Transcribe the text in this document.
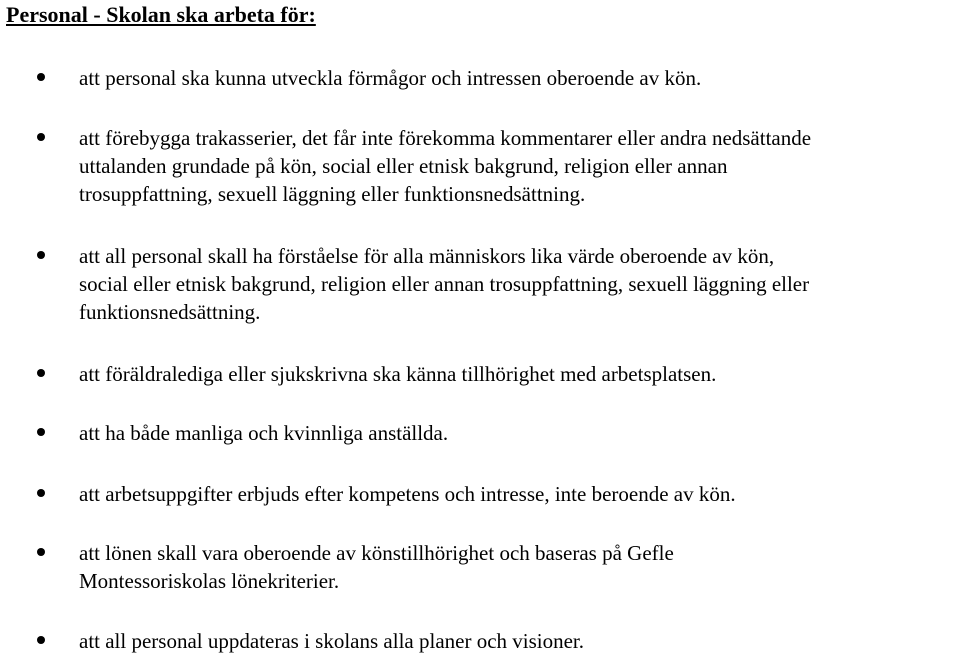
Personal - Skolan ska arbeta för:
att personal ska kunna utveckla förmågor och intressen oberoende av kön.
att förebygga trakasserier, det får inte förekomma kommentarer eller andra nedsättande
uttalanden grundade på kön, social eller etnisk bakgrund, religion eller annan
trosuppfattning, sexuell läggning eller funktionsnedsättning.
att all personal skall ha förståelse för alla människors lika värde oberoende av kön,
social eller etnisk bakgrund, religion eller annan trosuppfattning, sexuell läggning eller
funktionsnedsättning.
att föräldralediga eller sjukskrivna ska känna tillhörighet med arbetsplatsen.
att ha både manliga och kvinnliga anställda.
att arbetsuppgifter erbjuds efter kompetens och intresse, inte beroende av kön.
att lönen skall vara oberoende av könstillhörighet och baseras på Gefle
Montessoriskolas lönekriterier.
att all personal uppdateras i skolans alla planer och visioner.
